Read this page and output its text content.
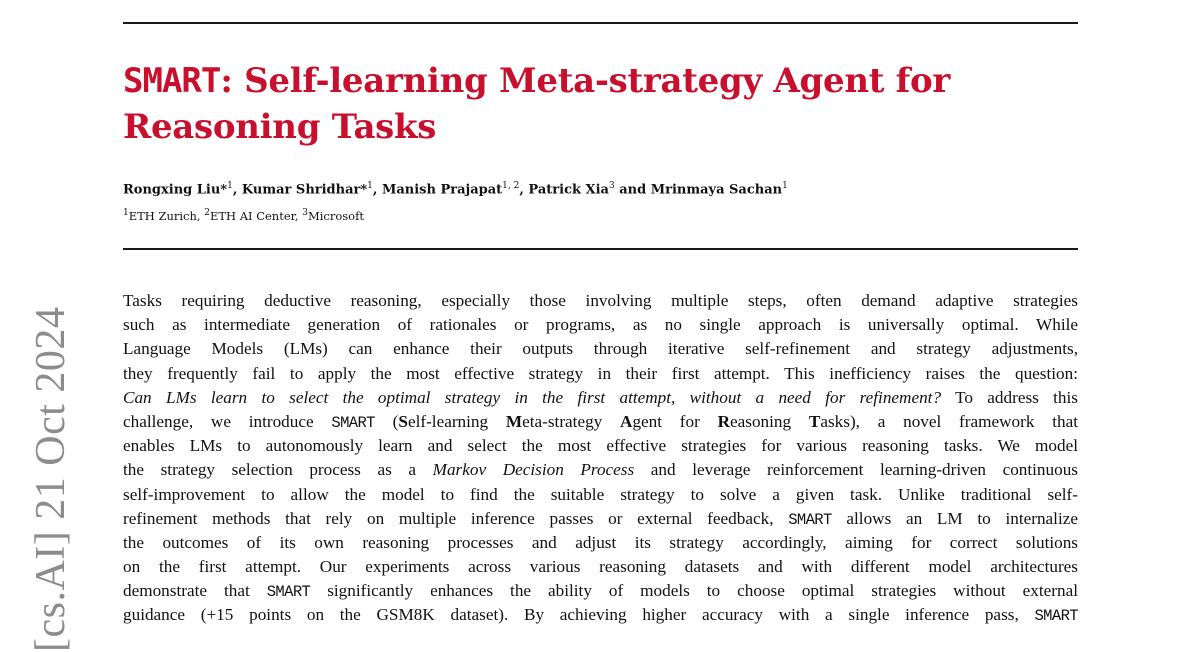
SMART: Self-learning Meta-strategy Agent for
Reasoning Tasks
Rongxing Liu*$^1$, Kumar Shridhar*$^1$, Manish Prajapat$^{1, 2}$, Patrick Xia$^3$ and Mrinmaya Sachan$^1$
$^1$ETH Zurich, $^2$ETH AI Center, $^3$Microsoft
Tasks requiring deductive reasoning, especially those involving multiple steps, often demand adaptive strategies
such as intermediate generation of rationales or programs, as no single approach is universally optimal. While
Language Models (LMs) can enhance their outputs through iterative self-refinement and strategy adjustments,
they frequently fail to apply the most effective strategy in their first attempt. This inefficiency raises the question:
Can LMs learn to select the optimal strategy in the first attempt, without a need for refinement? To address this
challenge, we introduce SMART (Self-learning Meta-strategy Agent for Reasoning Tasks), a novel framework that
enables LMs to autonomously learn and select the most effective strategies for various reasoning tasks. We model
the strategy selection process as a Markov Decision Process and leverage reinforcement learning-driven continuous
self-improvement to allow the model to find the suitable strategy to solve a given task. Unlike traditional self-
refinement methods that rely on multiple inference passes or external feedback, SMART allows an LM to internalize
the outcomes of its own reasoning processes and adjust its strategy accordingly, aiming for correct solutions
on the first attempt. Our experiments across various reasoning datasets and with different model architectures
demonstrate that SMART significantly enhances the ability of models to choose optimal strategies without external
guidance (+15 points on the GSM8K dataset). By achieving higher accuracy with a single inference pass, SMART
[cs.AI] 21 Oct 2024
